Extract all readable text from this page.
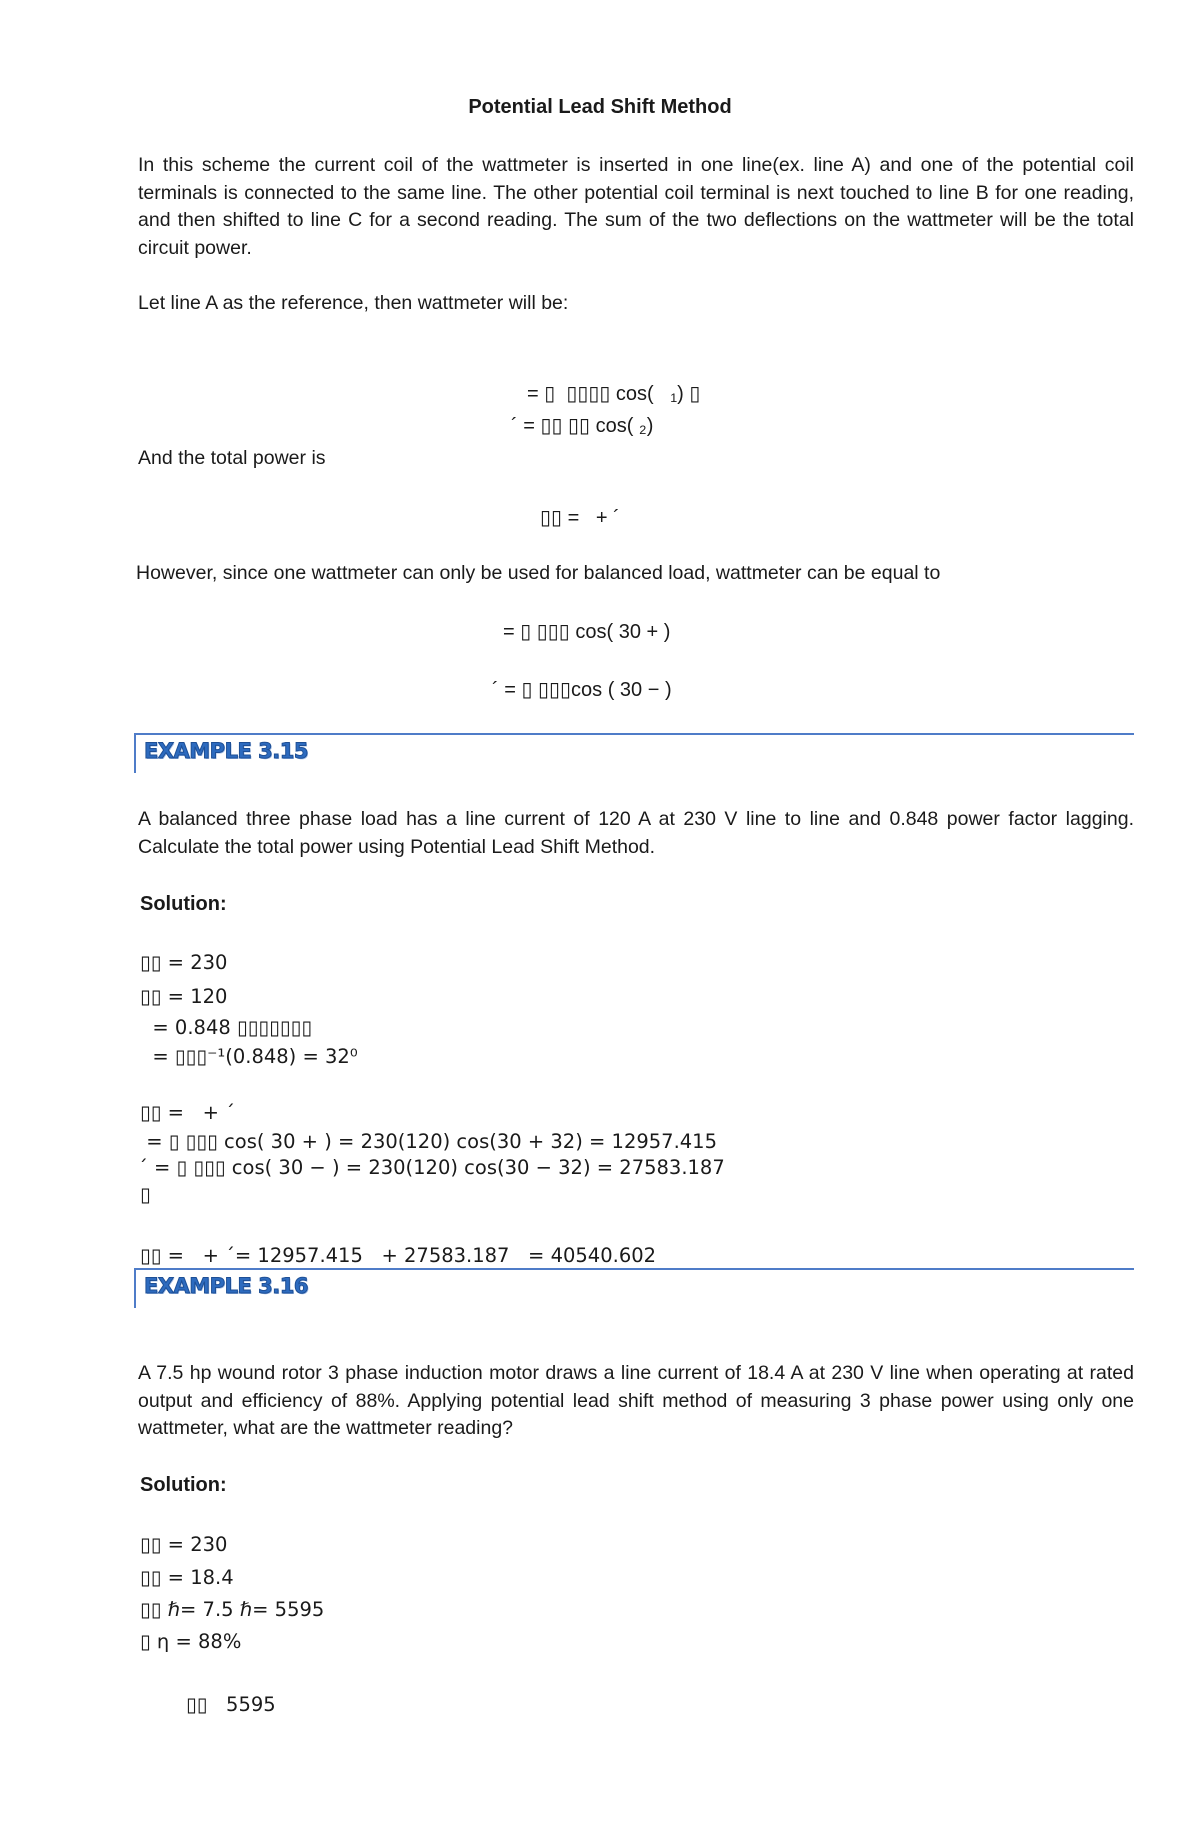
Potential Lead Shift Method
In this scheme the current coil of the wattmeter is inserted in one line(ex. line A) and one of the potential coil terminals is connected to the same line. The other potential coil terminal is next touched to line B for one reading, and then shifted to line C for a second reading. The sum of the two deflections on the wattmeter will be the total circuit power.
Let line A as the reference, then wattmeter will be:
= ▯  ▯▯▯▯ cos(   ₁) ▯
´ = ▯▯ ▯▯ cos( ₂)
And the total power is
▯▯ =   + ´
However, since one wattmeter can only be used for balanced load, wattmeter can be equal to
= ▯ ▯▯▯ cos( 30 + )
´ = ▯ ▯▯▯cos ( 30 − )
EXAMPLE 3.15
A balanced three phase load has a line current of 120 A at 230 V line to line and 0.848 power factor lagging. Calculate the total power using Potential Lead Shift Method.
Solution:
▯▯ = 230
▯▯ = 120
= 0.848 ▯▯▯▯▯▯▯
= ▯▯▯⁻¹(0.848) = 32⁰
▯▯ =   + ´
= ▯ ▯▯▯ cos( 30 + ) = 230(120) cos(30 + 32) = 12957.415
´ = ▯ ▯▯▯ cos( 30 − ) = 230(120) cos(30 − 32) = 27583.187
▯
▯▯ =   + ´= 12957.415   + 27583.187   = 40540.602
EXAMPLE 3.16
A 7.5 hp wound rotor 3 phase induction motor draws a line current of 18.4 A at 230 V line when operating at rated output and efficiency of 88%. Applying potential lead shift method of measuring 3 phase power using only one wattmeter, what are the wattmeter reading?
Solution:
▯▯ = 230
▯▯ = 18.4
▯▯ ℏ= 7.5 ℏ= 5595
▯ η = 88%
▯▯   5595
